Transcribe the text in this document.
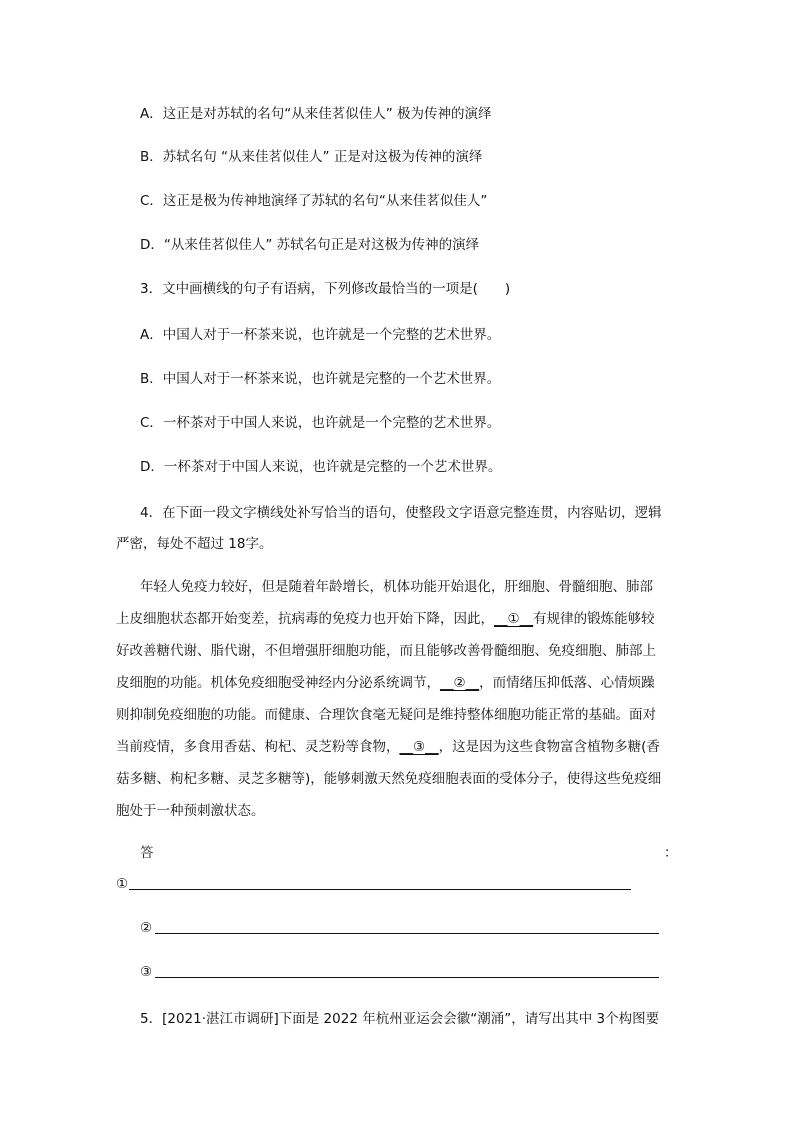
A．这正是对苏轼的名句“从来佳茗似佳人” 极为传神的演绎
B．苏轼名句 “从来佳茗似佳人” 正是对这极为传神的演绎
C．这正是极为传神地演绎了苏轼的名句“从来佳茗似佳人”
D．“从来佳茗似佳人” 苏轼名句正是对这极为传神的演绎
3．文中画横线的句子有语病，下列修改最恰当的一项是(　　)
A．中国人对于一杯茶来说，也许就是一个完整的艺术世界。
B．中国人对于一杯茶来说，也许就是完整的一个艺术世界。
C．一杯茶对于中国人来说，也许就是一个完整的艺术世界。
D．一杯茶对于中国人来说，也许就是完整的一个艺术世界。
4．在下面一段文字横线处补写恰当的语句，使整段文字语意完整连贯，内容贴切，逻辑
严密，每处不超过 18字。
年轻人免疫力较好，但是随着年龄增长，机体功能开始退化，肝细胞、骨髓细胞、肺部
上皮细胞状态都开始变差，抗病毒的免疫力也开始下降，因此，__①__有规律的锻炼能够较
好改善糖代谢、脂代谢，不但增强肝细胞功能，而且能够改善骨髓细胞、免疫细胞、肺部上
皮细胞的功能。机体免疫细胞受神经内分泌系统调节，__②__，而情绪压抑低落、心情烦躁
则抑制免疫细胞的功能。而健康、合理饮食毫无疑问是维持整体细胞功能正常的基础。面对
当前疫情，多食用香菇、枸杞、灵芝粉等食物，__③__，这是因为这些食物富含植物多糖(香
菇多糖、枸杞多糖、灵芝多糖等)，能够刺激天然免疫细胞表面的受体分子，使得这些免疫细
胞处于一种预刺激状态。
答	：
①
②
③
5．[2021·湛江市调研]下面是 2022 年杭州亚运会会徽“潮涌”，请写出其中 3个构图要
